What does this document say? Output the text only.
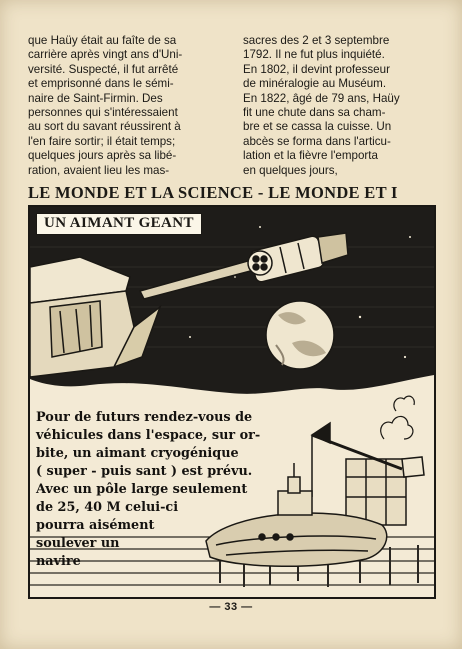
que Haüy était au faîte de sa
carrière après vingt ans d'Uni-
versité. Suspecté, il fut arrêté
et emprisonné dans le sémi-
naire de Saint-Firmin. Des
personnes qui s'intéressaient
au sort du savant réussirent à
l'en faire sortir; il était temps;
quelques jours après sa libé-
ration, avaient lieu les mas-
sacres des 2 et 3 septembre
1792. Il ne fut plus inquiété.
En 1802, il devint professeur
de minéralogie au Muséum.
En 1822, âgé de 79 ans, Haüy
fit une chute dans sa cham-
bre et se cassa la cuisse. Un
abcès se forma dans l'articu-
lation et la fièvre l'emporta
en quelques jours,
LE MONDE ET LA SCIENCE - LE MONDE ET I
UN AIMANT GEANT
Pour de futurs rendez-vous de
véhicules dans l'espace, sur or-
bite, un aimant cryogénique
( super - puis sant ) est prévu.
Avec un pôle large seulement
de 25, 40 M celui-ci
pourra aisément
soulever un
navire
— 33 —
